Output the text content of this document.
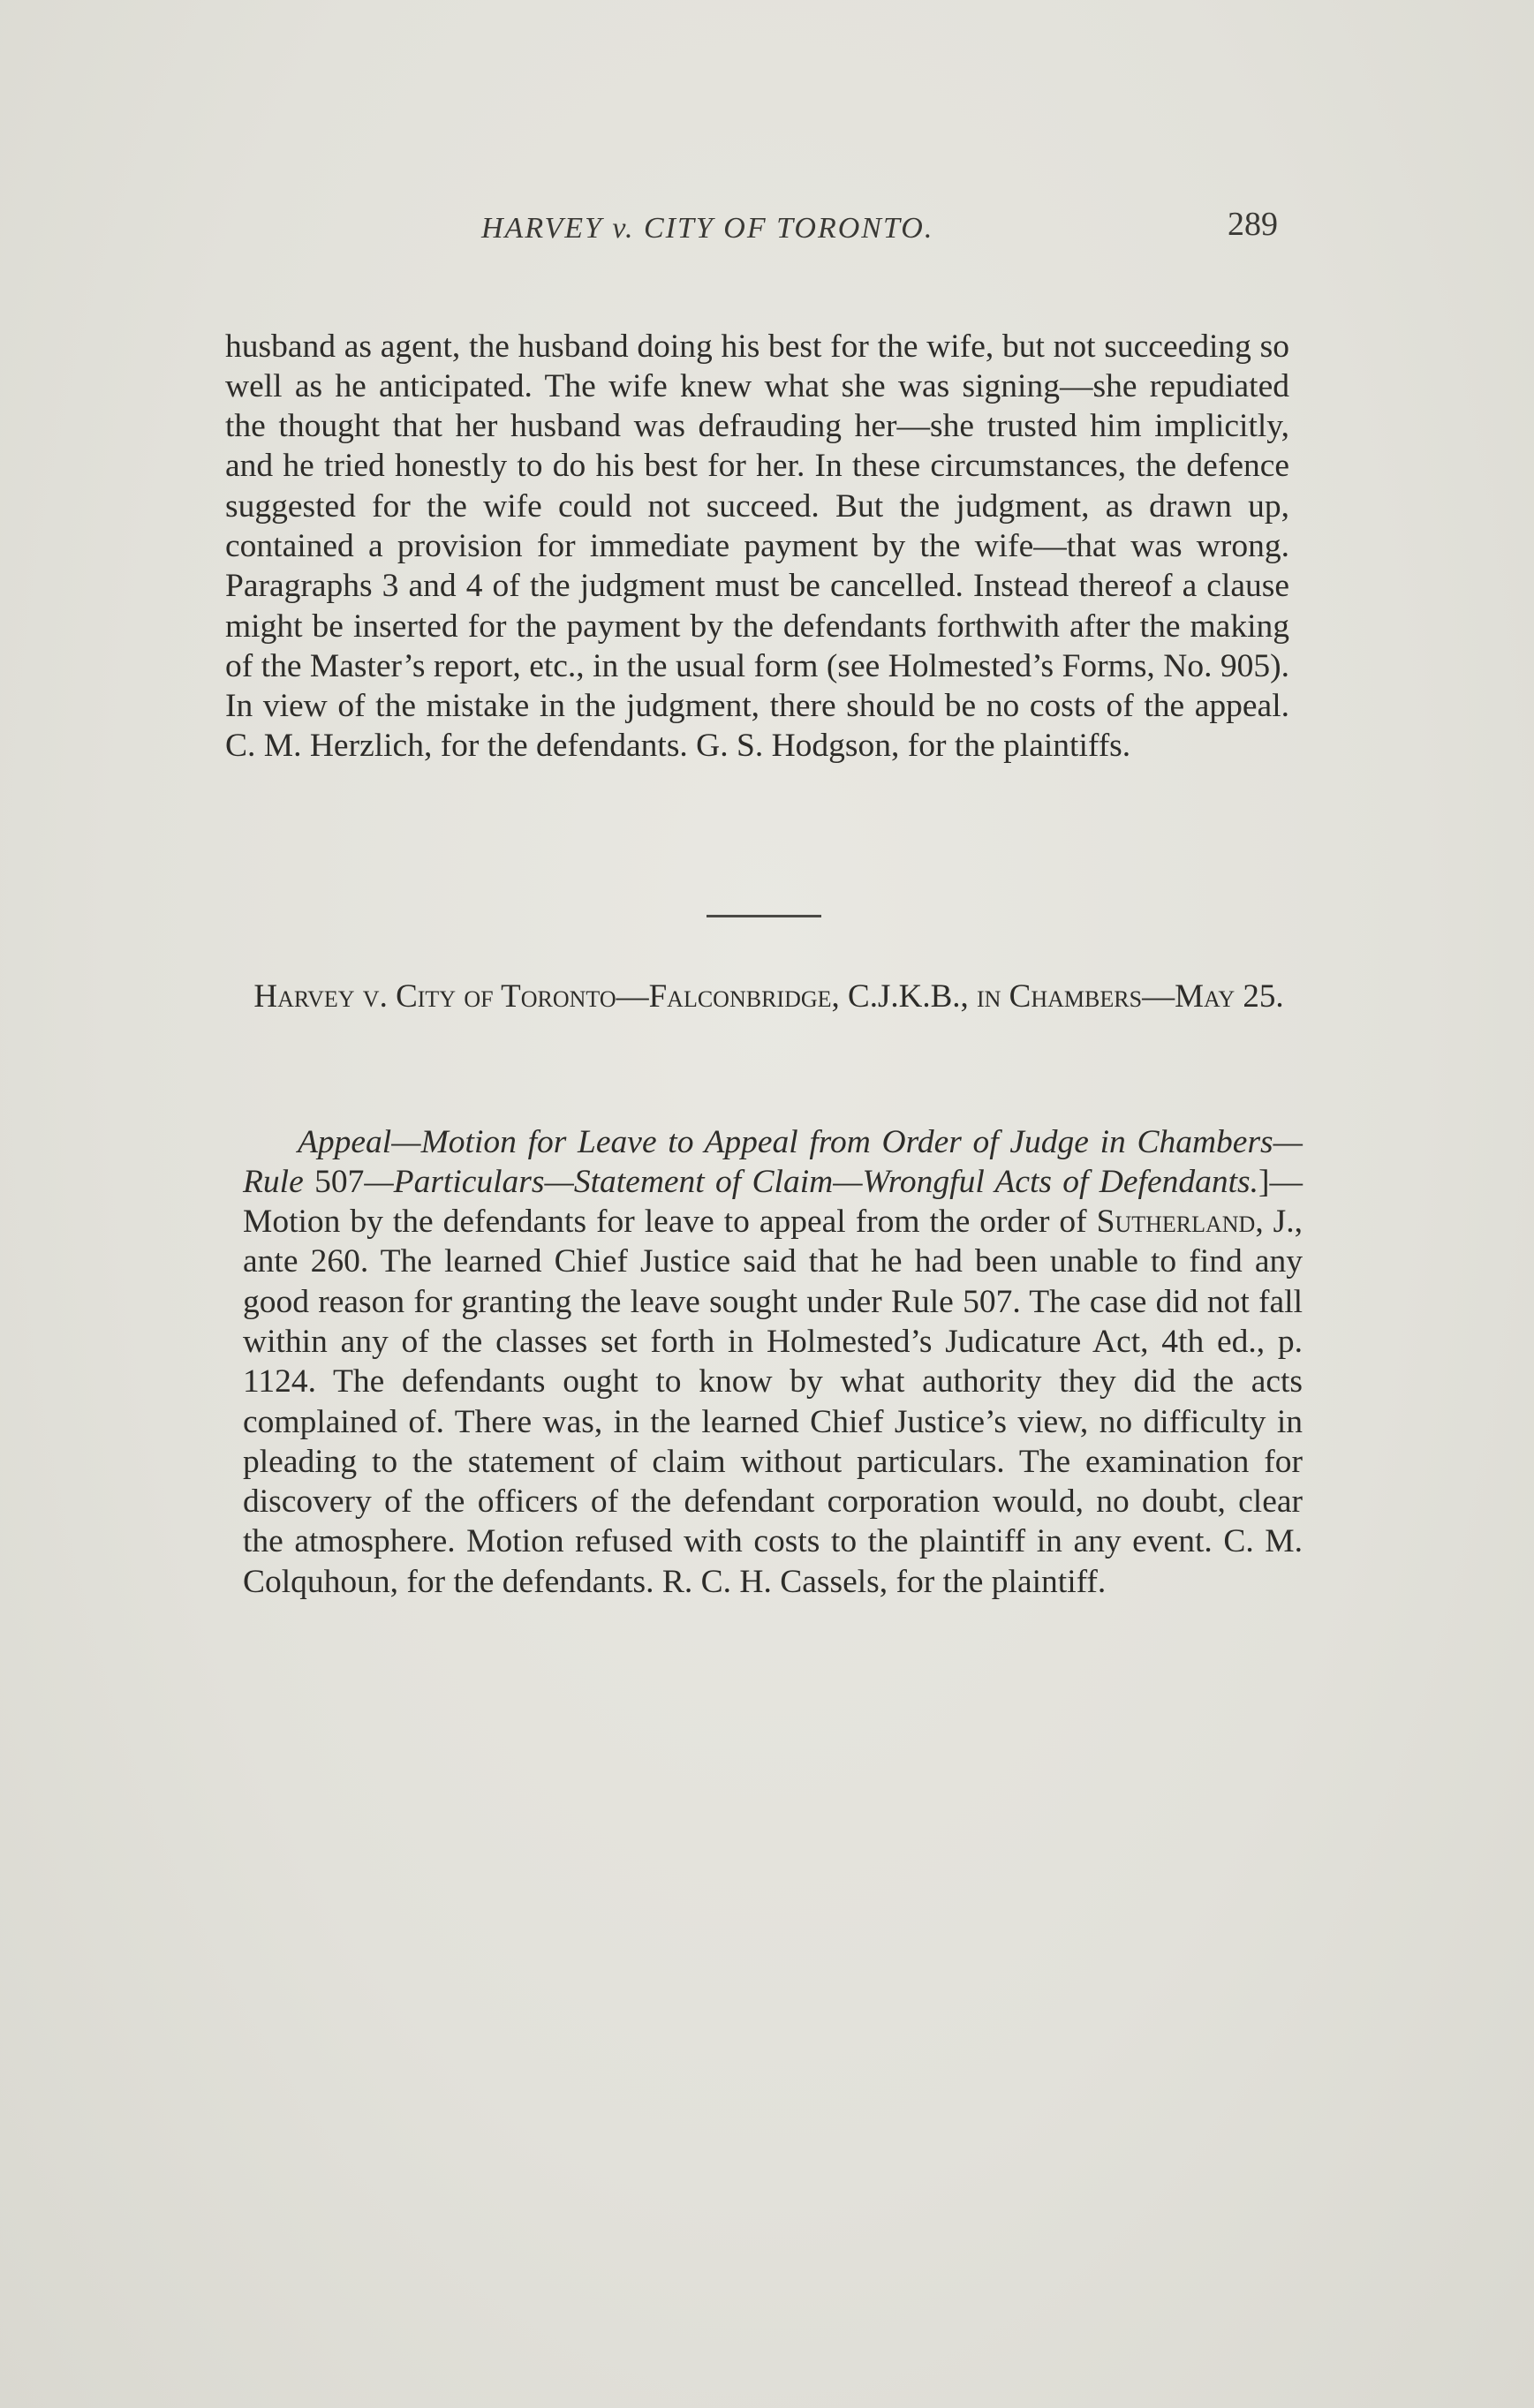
HARVEY v. CITY OF TORONTO.	289

husband as agent, the husband doing his best for the wife, but not succeeding so well as he anticipated. The wife knew what she was signing—she repudiated the thought that her husband was defrauding her—she trusted him implicitly, and he tried honestly to do his best for her. In these circumstances, the defence suggested for the wife could not succeed. But the judgment, as drawn up, contained a provision for immediate payment by the wife—that was wrong. Paragraphs 3 and 4 of the judgment must be cancelled. Instead thereof a clause might be inserted for the payment by the defendants forthwith after the making of the Master’s report, etc., in the usual form (see Holmested’s Forms, No. 905). In view of the mistake in the judgment, there should be no costs of the appeal. C. M. Herzlich, for the defendants. G. S. Hodgson, for the plaintiffs.

Harvey v. City of Toronto—Falconbridge, C.J.K.B., in Chambers—May 25.

Appeal—Motion for Leave to Appeal from Order of Judge in Chambers—Rule 507—Particulars—Statement of Claim—Wrongful Acts of Defendants.]—Motion by the defendants for leave to appeal from the order of Sutherland, J., ante 260. The learned Chief Justice said that he had been unable to find any good reason for granting the leave sought under Rule 507. The case did not fall within any of the classes set forth in Holmested’s Judicature Act, 4th ed., p. 1124. The defendants ought to know by what authority they did the acts complained of. There was, in the learned Chief Justice’s view, no difficulty in pleading to the statement of claim without particulars. The examination for discovery of the officers of the defendant corporation would, no doubt, clear the atmosphere. Motion refused with costs to the plaintiff in any event. C. M. Colquhoun, for the defendants. R. C. H. Cassels, for the plaintiff.
